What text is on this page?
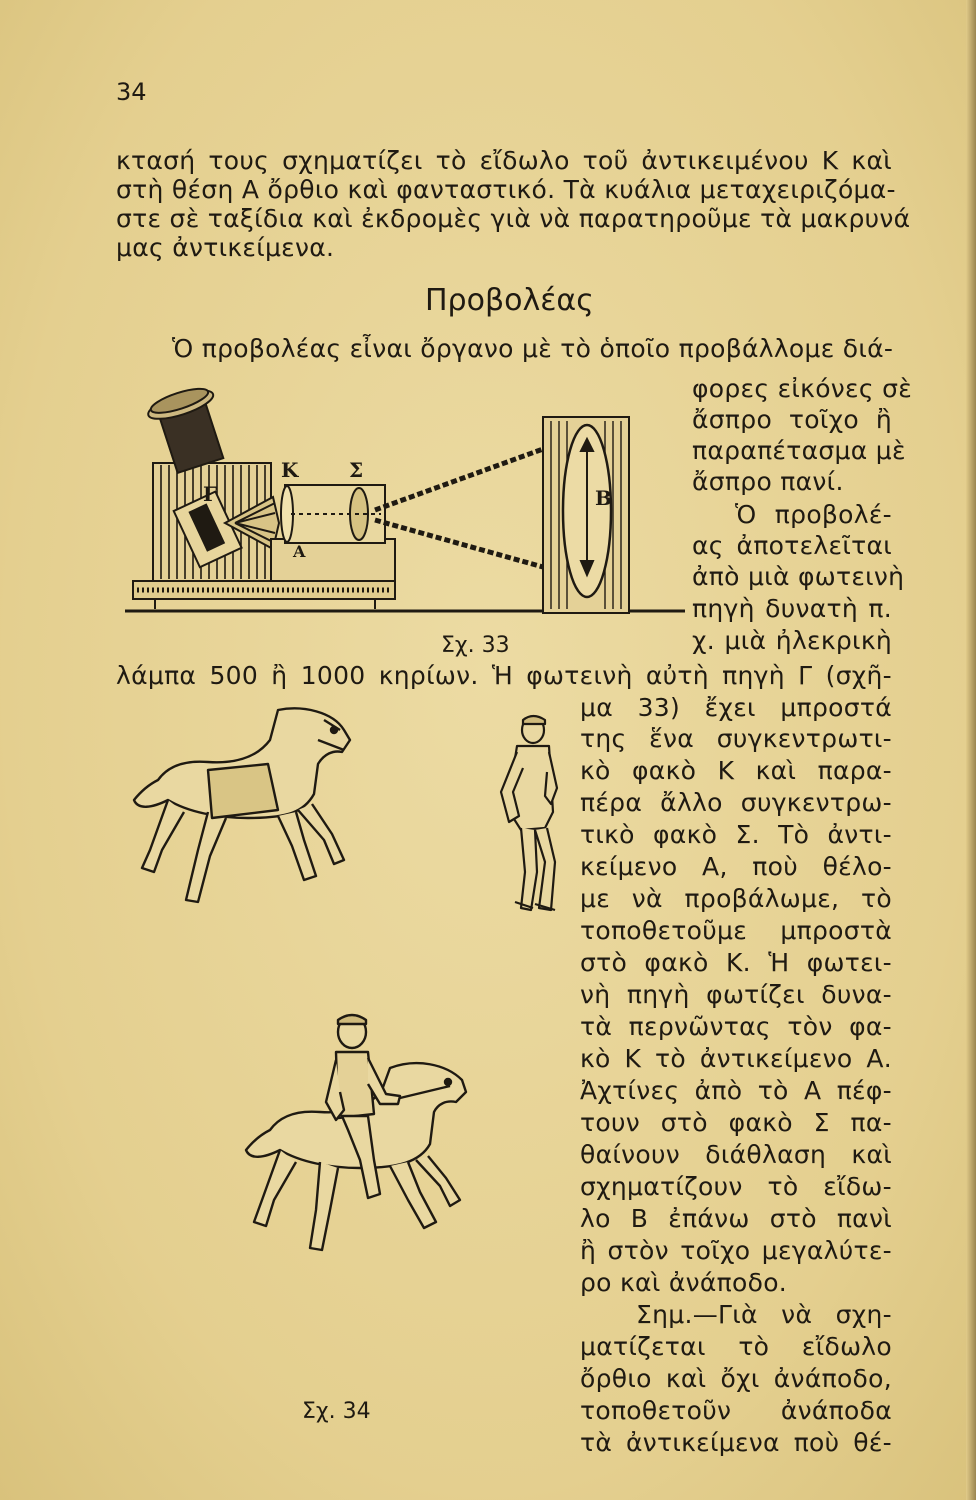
34
κτασή τους σχηματίζει τὸ εἴδωλο τοῦ ἀντικειμένου Κ καὶ
στὴ θέση Α ὄρθιο καὶ φανταστικό. Τὰ κυάλια μεταχειριζόμα-
στε σὲ ταξίδια καὶ ἐκδρομὲς γιὰ νὰ παρατηροῦμε τὰ μακρυνά
μας ἀντικείμενα.
Προβολέας
Ὁ προβολέας εἶναι ὄργανο μὲ τὸ ὁποῖο προβάλλομε διά-
φορες εἰκόνες σὲ
ἄσπρο τοῖχο ἢ
παραπέτασμα μὲ
ἄσπρο πανί.
Ὁ προβολέ-
ας ἀποτελεῖται
ἀπὸ μιὰ φωτεινὴ
πηγὴ δυνατὴ π.
χ. μιὰ ἠλεκρικὴ
λάμπα 500 ἢ 1000 κηρίων. Ἡ φωτεινὴ αὐτὴ πηγὴ Γ (σχῆ-
μα 33) ἔχει μπροστά
της ἕνα συγκεντρωτι-
κὸ φακὸ Κ καὶ παρα-
πέρα ἄλλο συγκεντρω-
τικὸ φακὸ Σ. Τὸ ἀντι-
κείμενο Α, ποὺ θέλο-
με νὰ προβάλωμε, τὸ
τοποθετοῦμε μπροστὰ
στὸ φακὸ Κ. Ἡ φωτει-
νὴ πηγὴ φωτίζει δυνα-
τὰ περνῶντας τὸν φα-
κὸ Κ τὸ ἀντικείμενο Α.
Ἀχτίνες ἀπὸ τὸ Α πέφ-
τουν στὸ φακὸ Σ πα-
θαίνουν διάθλαση καὶ
σχηματίζουν τὸ εἴδω-
λο Β ἐπάνω στὸ πανὶ
ἢ στὸν τοῖχο μεγαλύτε-
ρο καὶ ἀνάποδο.
Σημ.—Γιὰ νὰ σχη-
ματίζεται τὸ εἴδωλο
ὄρθιο καὶ ὄχι ἀνάποδο,
τοποθετοῦν ἀνάποδα
τὰ ἀντικείμενα ποὺ θέ-
Γ
Κ	Σ
Α
Β
Σχ. 33
Σχ. 34
